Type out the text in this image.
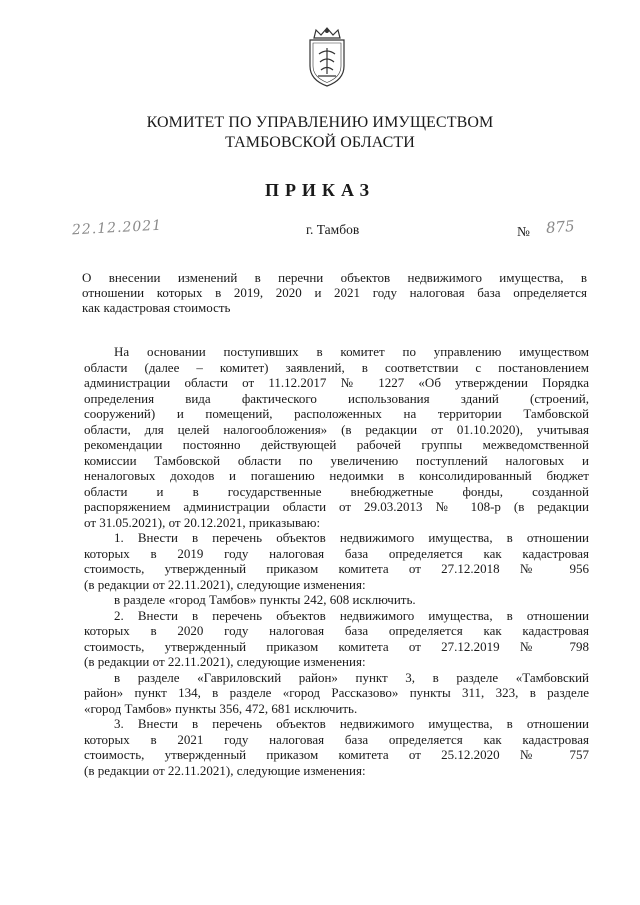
КОМИТЕТ ПО УПРАВЛЕНИЮ ИМУЩЕСТВОМ
ТАМБОВСКОЙ ОБЛАСТИ
ПРИКАЗ
22.12.2021	г. Тамбов	№ 875
О внесении изменений в перечни объектов недвижимого имущества, в
отношении которых в 2019, 2020 и 2021 году налоговая база определяется
как кадастровая стоимость
На основании поступивших в комитет по управлению имуществом
области (далее – комитет) заявлений, в соответствии с постановлением
администрации области от 11.12.2017 № 1227 «Об утверждении Порядка
определения вида фактического использования зданий (строений,
сооружений) и помещений, расположенных на территории Тамбовской
области, для целей налогообложения» (в редакции от 01.10.2020), учитывая
рекомендации постоянно действующей рабочей группы межведомственной
комиссии Тамбовской области по увеличению поступлений налоговых и
неналоговых доходов и погашению недоимки в консолидированный бюджет
области и в государственные внебюджетные фонды, созданной
распоряжением администрации области от 29.03.2013 № 108-р (в редакции
от 31.05.2021), от 20.12.2021, приказываю:
1. Внести в перечень объектов недвижимого имущества, в отношении
которых в 2019 году налоговая база определяется как кадастровая
стоимость, утвержденный приказом комитета от 27.12.2018 № 956
(в редакции от 22.11.2021), следующие изменения:
в разделе «город Тамбов» пункты 242, 608 исключить.
2. Внести в перечень объектов недвижимого имущества, в отношении
которых в 2020 году налоговая база определяется как кадастровая
стоимость, утвержденный приказом комитета от 27.12.2019 № 798
(в редакции от 22.11.2021), следующие изменения:
в разделе «Гавриловский район» пункт 3, в разделе «Тамбовский
район» пункт 134, в разделе «город Рассказово» пункты 311, 323, в разделе
«город Тамбов» пункты 356, 472, 681 исключить.
3. Внести в перечень объектов недвижимого имущества, в отношении
которых в 2021 году налоговая база определяется как кадастровая
стоимость, утвержденный приказом комитета от 25.12.2020 № 757
(в редакции от 22.11.2021), следующие изменения:
